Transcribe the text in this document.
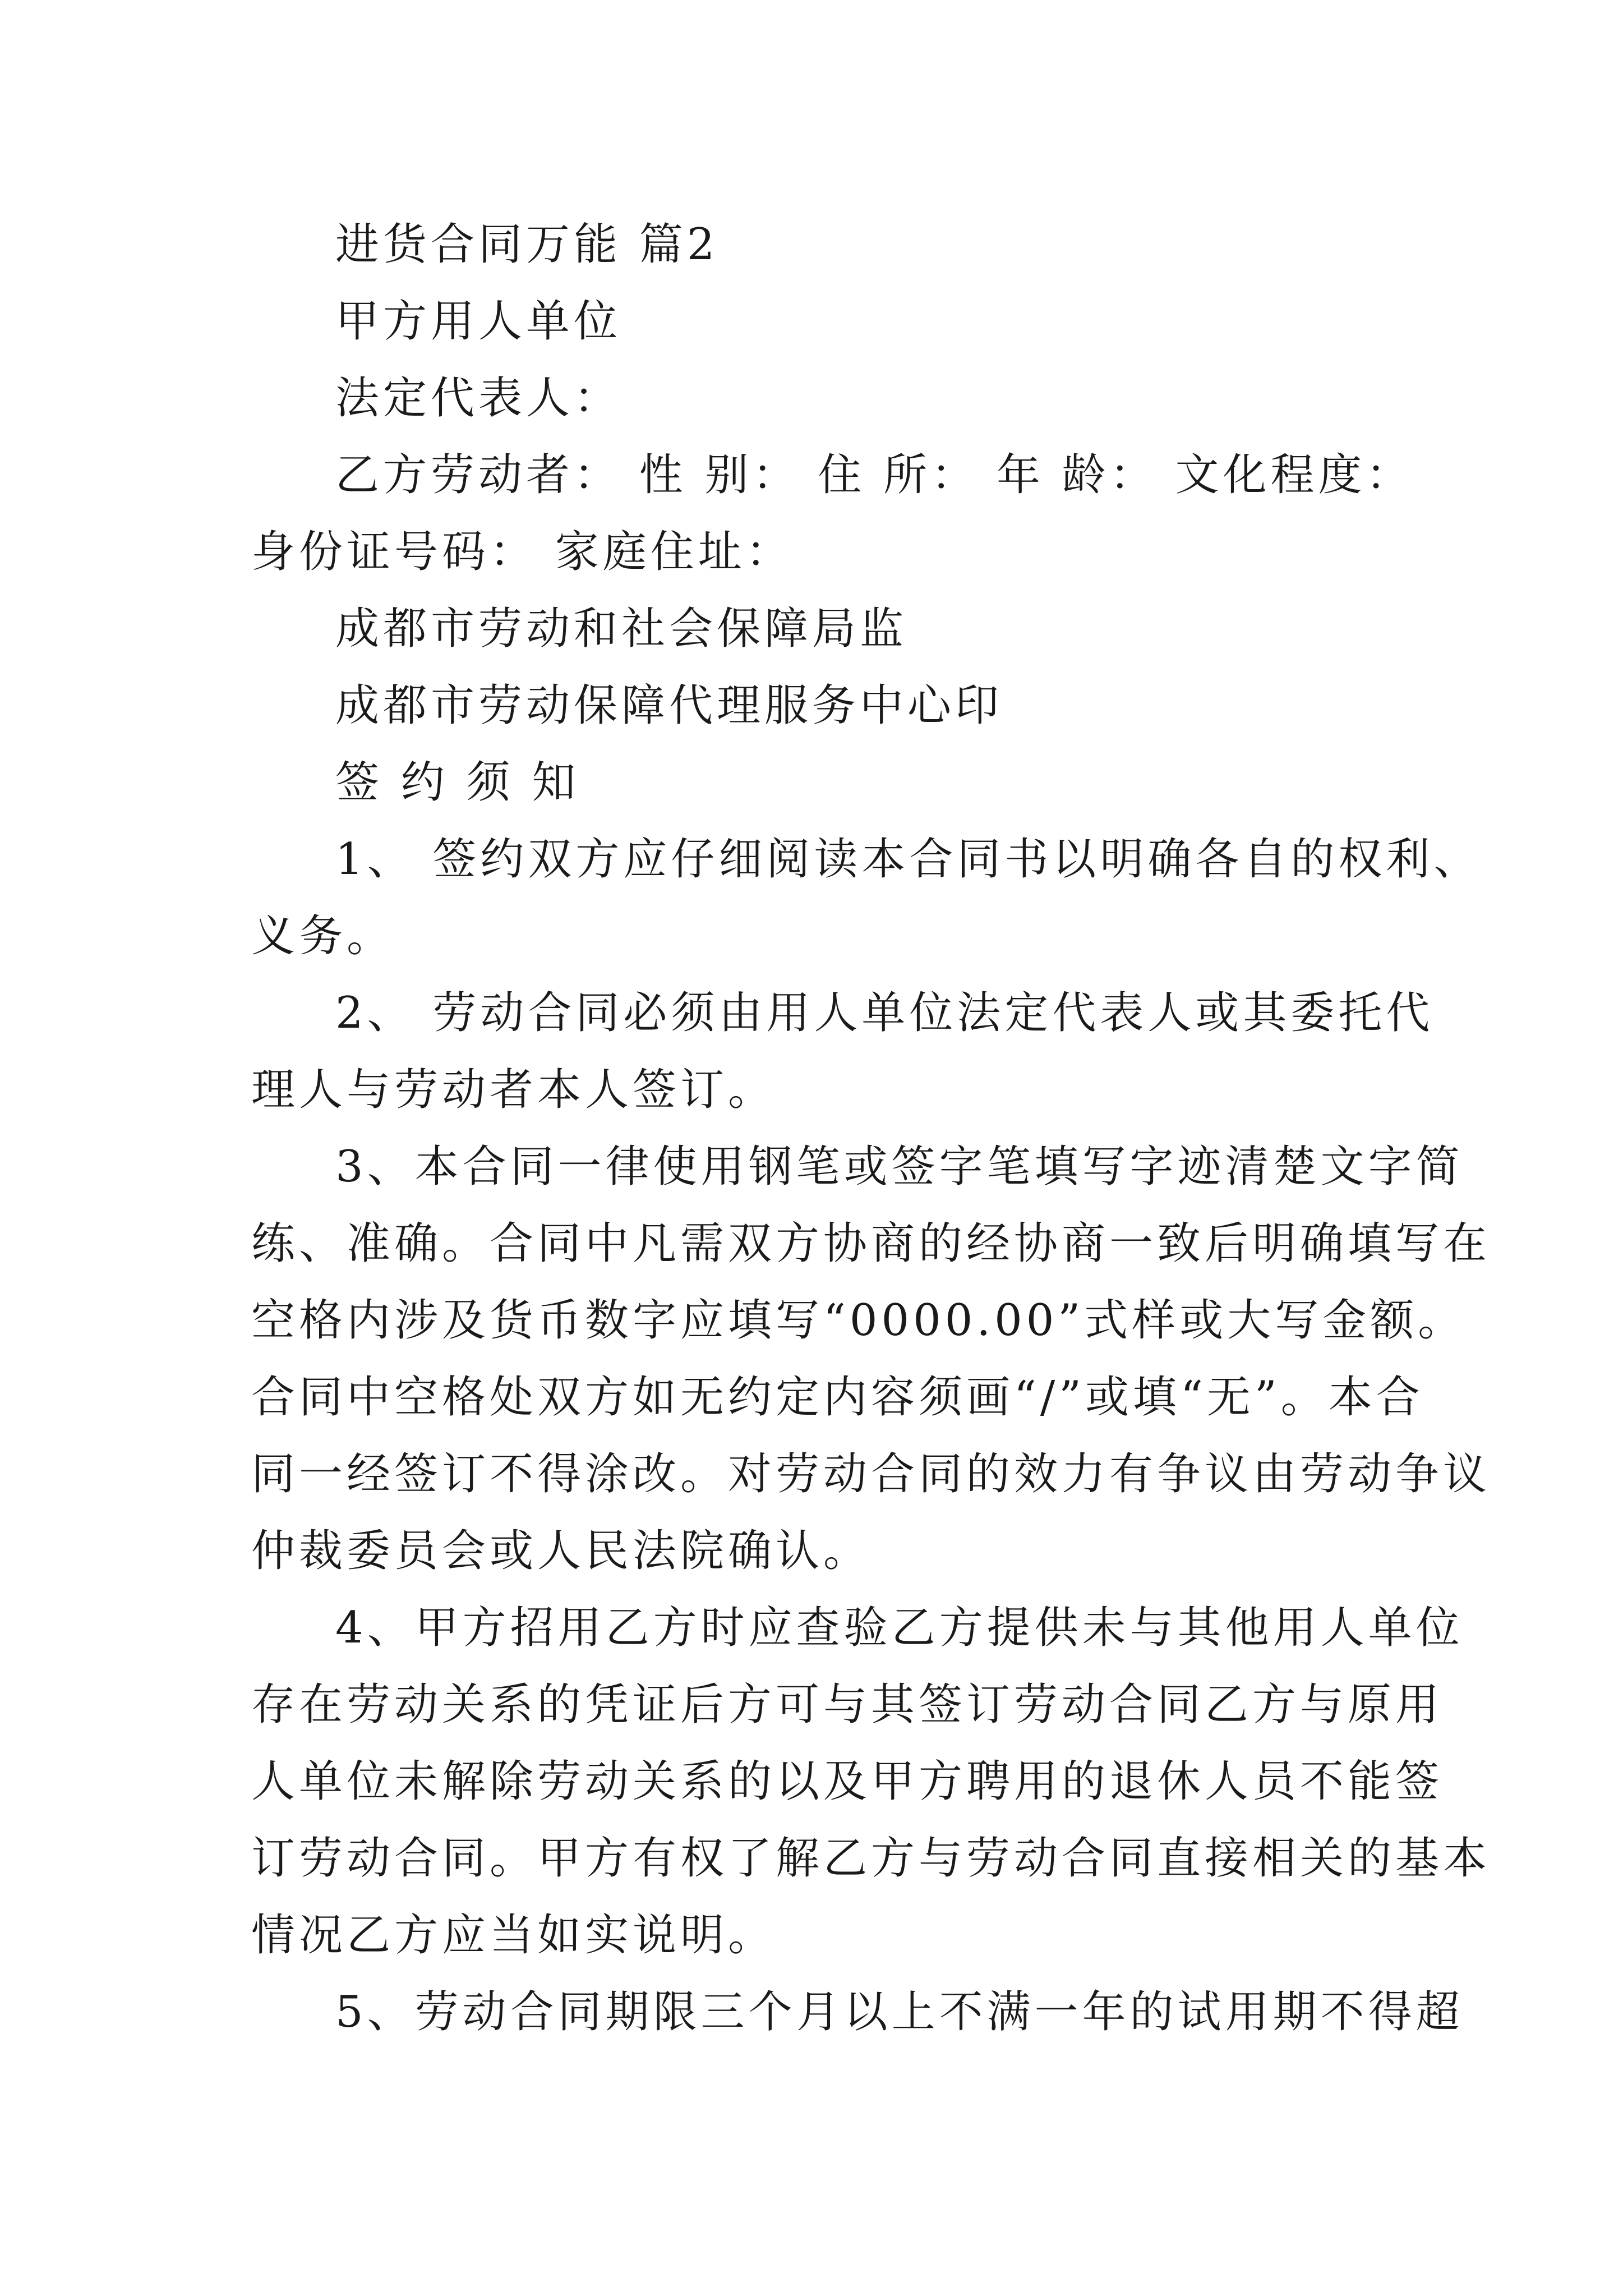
进货合同万能 篇2
甲方用人单位
法定代表人：
乙方劳动者： 性 别： 住 所： 年 龄： 文化程度：
身份证号码： 家庭住址：
成都市劳动和社会保障局监
成都市劳动保障代理服务中心印
签 约 须 知
1、 签约双方应仔细阅读本合同书以明确各自的权利、
义务。
2、 劳动合同必须由用人单位法定代表人或其委托代
理人与劳动者本人签订。
3、本合同一律使用钢笔或签字笔填写字迹清楚文字简
练、准确。合同中凡需双方协商的经协商一致后明确填写在
空格内涉及货币数字应填写“0000.00”式样或大写金额。
合同中空格处双方如无约定内容须画“/”或填“无”。本合
同一经签订不得涂改。对劳动合同的效力有争议由劳动争议
仲裁委员会或人民法院确认。
4、甲方招用乙方时应查验乙方提供未与其他用人单位
存在劳动关系的凭证后方可与其签订劳动合同乙方与原用
人单位未解除劳动关系的以及甲方聘用的退休人员不能签
订劳动合同。甲方有权了解乙方与劳动合同直接相关的基本
情况乙方应当如实说明。
5、劳动合同期限三个月以上不满一年的试用期不得超
